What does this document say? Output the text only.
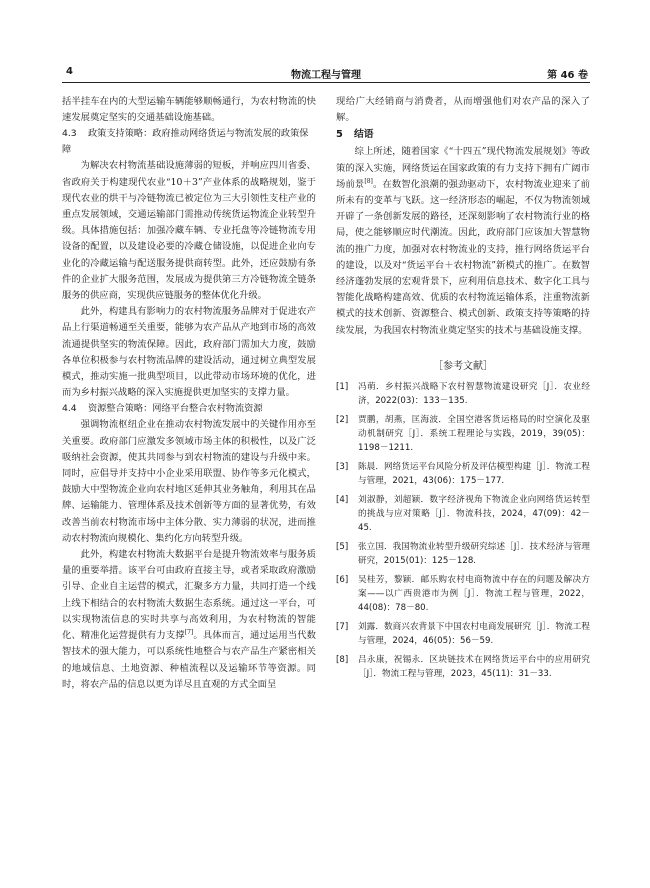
4	物流工程与管理	第 46 卷

括半挂车在内的大型运输车辆能够顺畅通行，为农村物流的快速发展奠定坚实的交通基础设施基础。

4.3 政策支持策略：政府推动网络货运与物流发展的政策保障

为解决农村物流基础设施薄弱的短板，并响应四川省委、省政府关于构建现代农业“10＋3”产业体系的战略规划，鉴于现代农业的烘干与冷链物流已被定位为三大引领性支柱产业的重点发展领域，交通运输部门需推动传统货运物流企业转型升级。具体措施包括：加强冷藏车辆、专业托盘等冷链物流专用设备的配置，以及建设必要的冷藏仓储设施，以促进企业向专业化的冷藏运输与配送服务提供商转型。此外，还应鼓励有条件的企业扩大服务范围，发展成为提供第三方冷链物流全链条服务的供应商，实现供应链服务的整体优化升级。

此外，构建具有影响力的农村物流服务品牌对于促进农产品上行渠道畅通至关重要，能够为农产品从产地到市场的高效流通提供坚实的物流保障。因此，政府部门需加大力度，鼓励各单位积极参与农村物流品牌的建设活动，通过树立典型发展模式，推动实施一批典型项目，以此带动市场环境的优化，进而为乡村振兴战略的深入实施提供更加坚实的支撑力量。

4.4 资源整合策略：网络平台整合农村物流资源

强调物流枢纽企业在推动农村物流发展中的关键作用亦至关重要。政府部门应激发多领域市场主体的积极性，以及广泛吸纳社会资源，使其共同参与到农村物流的建设与升级中来。同时，应倡导并支持中小企业采用联盟、协作等多元化模式，鼓励大中型物流企业向农村地区延伸其业务触角，利用其在品牌、运输能力、管理体系及技术创新等方面的显著优势，有效改善当前农村物流市场中主体分散、实力薄弱的状况，进而推动农村物流向规模化、集约化方向转型升级。

此外，构建农村物流大数据平台是提升物流效率与服务质量的重要举措。该平台可由政府直接主导，或者采取政府激励引导、企业自主运营的模式，汇聚多方力量，共同打造一个线上线下相结合的农村物流大数据生态系统。通过这一平台，可以实现物流信息的实时共享与高效利用，为农村物流的智能化、精准化运营提供有力支撑[7]。具体而言，通过运用当代数智技术的强大能力，可以系统性地整合与农产品生产紧密相关的地域信息、土地资源、种植流程以及运输环节等资源。同时，将农产品的信息以更为详尽且直观的方式全面呈

现给广大经销商与消费者，从而增强他们对农产品的深入了解。

5 结语

综上所述，随着国家《“十四五”现代物流发展规划》等政策的深入实施，网络货运在国家政策的有力支持下拥有广阔市场前景[8]。在数智化浪潮的强劲驱动下，农村物流业迎来了前所未有的变革与飞跃。这一经济形态的崛起，不仅为物流领域开辟了一条创新发展的路径，还深刻影响了农村物流行业的格局，使之能够顺应时代潮流。因此，政府部门应该加大智慧物流的推广力度，加强对农村物流业的支持，推行网络货运平台的建设，以及对“货运平台＋农村物流”新模式的推广。在数智经济蓬勃发展的宏观背景下，应利用信息技术、数字化工具与智能化战略构建高效、优质的农村物流运输体系，注重物流新模式的技术创新、资源整合、模式创新、政策支持等策略的持续发展，为我国农村物流业奠定坚实的技术与基础设施支撑。

［参考文献］
[1] 冯萌．乡村振兴战略下农村智慧物流建设研究［J］．农业经济，2022(03)：133－135.
[2] 贾鹏，胡燕，匡海波．全国空港客货运格局的时空演化及驱动机制研究［J］．系统工程理论与实践，2019，39(05)：1198－1211.
[3] 陈晨．网络货运平台风险分析及评估模型构建［J］．物流工程与管理，2021，43(06)：175－177.
[4] 刘淑静，刘超颖．数字经济视角下物流企业向网络货运转型的挑战与应对策略［J］．物流科技，2024，47(09)：42－45.
[5] 张立国．我国物流业转型升级研究综述［J］．技术经济与管理研究，2015(01)：125－128.
[6] 吴桂芳，黎颖．邮乐购农村电商物流中存在的问题及解决方案——以广西贵港市为例［J］．物流工程与管理，2022，44(08)：78－80.
[7] 刘露．数商兴农背景下中国农村电商发展研究［J］．物流工程与管理，2024，46(05)：56－59.
[8] 吕永康，祝锡永．区块链技术在网络货运平台中的应用研究［J］．物流工程与管理，2023，45(11)：31－33.
